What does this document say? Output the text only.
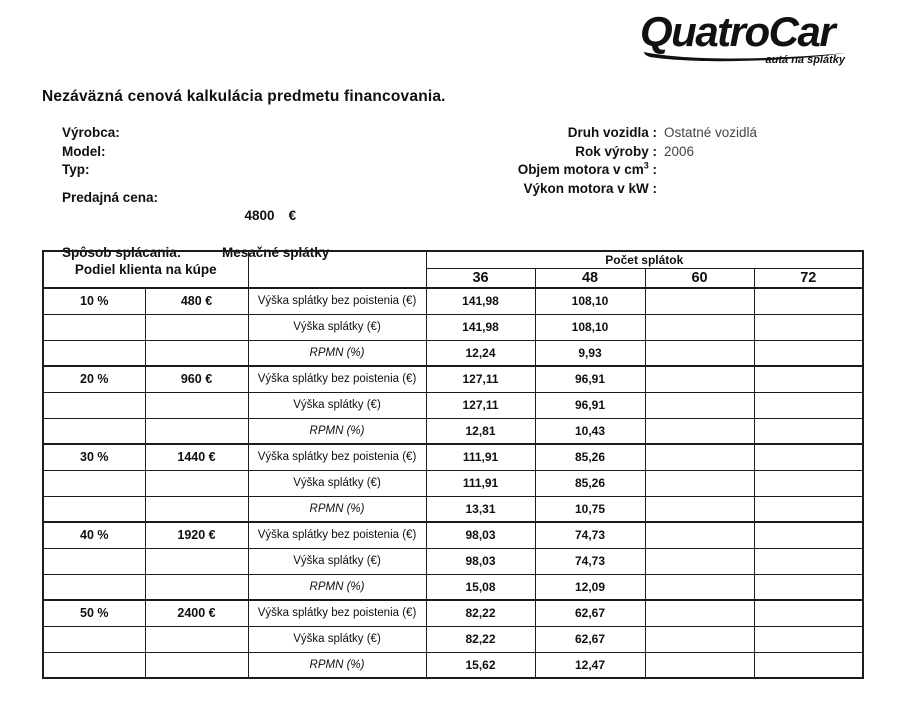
QuatroCar
autá na splátky
Nezáväzná cenová kalkulácia predmetu financovania.
Výrobca:
Model:
Typ:
Predajná cena:

4800 €

Spôsob splácania:	Mesačné splátky
Druh vozidla : Ostatné vozidlá
Rok výroby : 2006
Objem motora v $cm^3$ :
Výkon motora v kW :
Podiel klienta na kúpe			Počet splátok			
			36	48	60	72
10 %	480 €	Výška splátky bez poistenia (€)	141,98	108,10		
		Výška splátky (€)	141,98	108,10		
		RPMN (%)	12,24	9,93		
20 %	960 €	Výška splátky bez poistenia (€)	127,11	96,91		
		Výška splátky (€)	127,11	96,91		
		RPMN (%)	12,81	10,43		
30 %	1440 €	Výška splátky bez poistenia (€)	111,91	85,26		
		Výška splátky (€)	111,91	85,26		
		RPMN (%)	13,31	10,75		
40 %	1920 €	Výška splátky bez poistenia (€)	98,03	74,73		
		Výška splátky (€)	98,03	74,73		
		RPMN (%)	15,08	12,09		
50 %	2400 €	Výška splátky bez poistenia (€)	82,22	62,67		
		Výška splátky (€)	82,22	62,67		
		RPMN (%)	15,62	12,47		
